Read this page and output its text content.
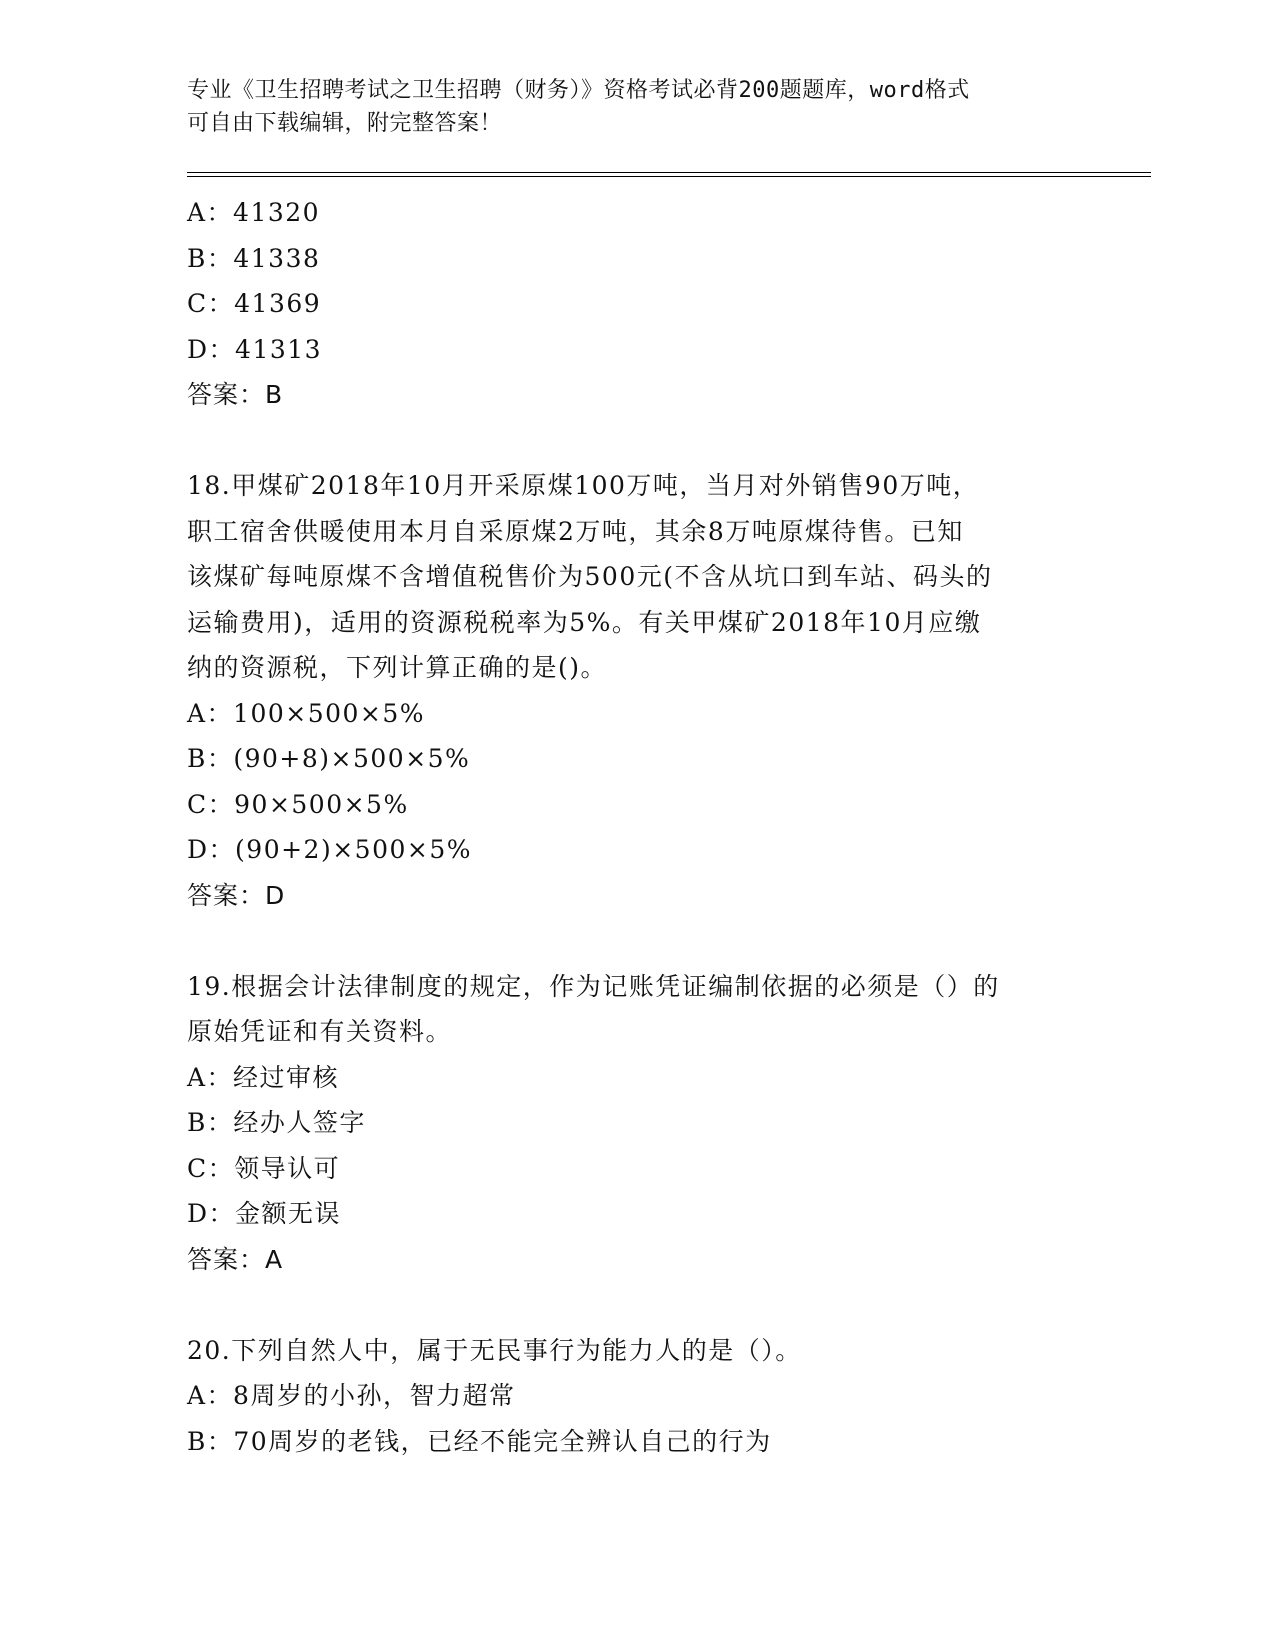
专业《卫生招聘考试之卫生招聘（财务）》资格考试必背200题题库，word格式
可自由下载编辑，附完整答案！
A：41320
B：41338
C：41369
D：41313
答案：B
18.甲煤矿2018年10月开采原煤100万吨，当月对外销售90万吨，
职工宿舍供暖使用本月自采原煤2万吨，其余8万吨原煤待售。已知
该煤矿每吨原煤不含增值税售价为500元(不含从坑口到车站、码头的
运输费用)，适用的资源税税率为5%。有关甲煤矿2018年10月应缴
纳的资源税，下列计算正确的是()。
A：100×500×5%
B：(90+8)×500×5%
C：90×500×5%
D：(90+2)×500×5%
答案：D
19.根据会计法律制度的规定，作为记账凭证编制依据的必须是（）的
原始凭证和有关资料。
A：经过审核
B：经办人签字
C：领导认可
D：金额无误
答案：A
20.下列自然人中，属于无民事行为能力人的是（）。
A：8周岁的小孙，智力超常
B：70周岁的老钱，已经不能完全辨认自己的行为
